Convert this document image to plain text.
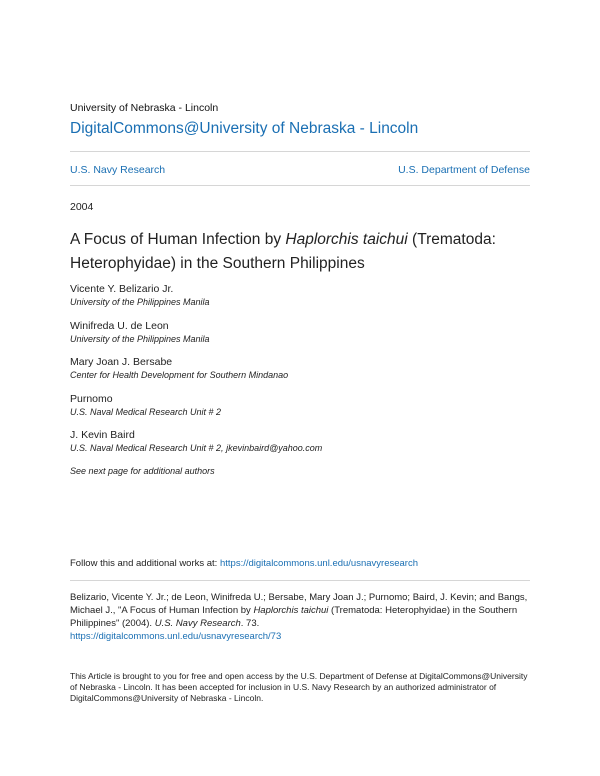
University of Nebraska - Lincoln
DigitalCommons@University of Nebraska - Lincoln
U.S. Navy Research	U.S. Department of Defense
2004
A Focus of Human Infection by Haplorchis taichui (Trematoda: Heterophyidae) in the Southern Philippines
Vicente Y. Belizario Jr.
University of the Philippines Manila
Winifreda U. de Leon
University of the Philippines Manila
Mary Joan J. Bersabe
Center for Health Development for Southern Mindanao
Purnomo
U.S. Naval Medical Research Unit # 2
J. Kevin Baird
U.S. Naval Medical Research Unit # 2, jkevinbaird@yahoo.com
See next page for additional authors
Follow this and additional works at: https://digitalcommons.unl.edu/usnavyresearch
Belizario, Vicente Y. Jr.; de Leon, Winifreda U.; Bersabe, Mary Joan J.; Purnomo; Baird, J. Kevin; and Bangs, Michael J., "A Focus of Human Infection by Haplorchis taichui (Trematoda: Heterophyidae) in the Southern Philippines" (2004). U.S. Navy Research. 73.
https://digitalcommons.unl.edu/usnavyresearch/73
This Article is brought to you for free and open access by the U.S. Department of Defense at DigitalCommons@University of Nebraska - Lincoln. It has been accepted for inclusion in U.S. Navy Research by an authorized administrator of DigitalCommons@University of Nebraska - Lincoln.
